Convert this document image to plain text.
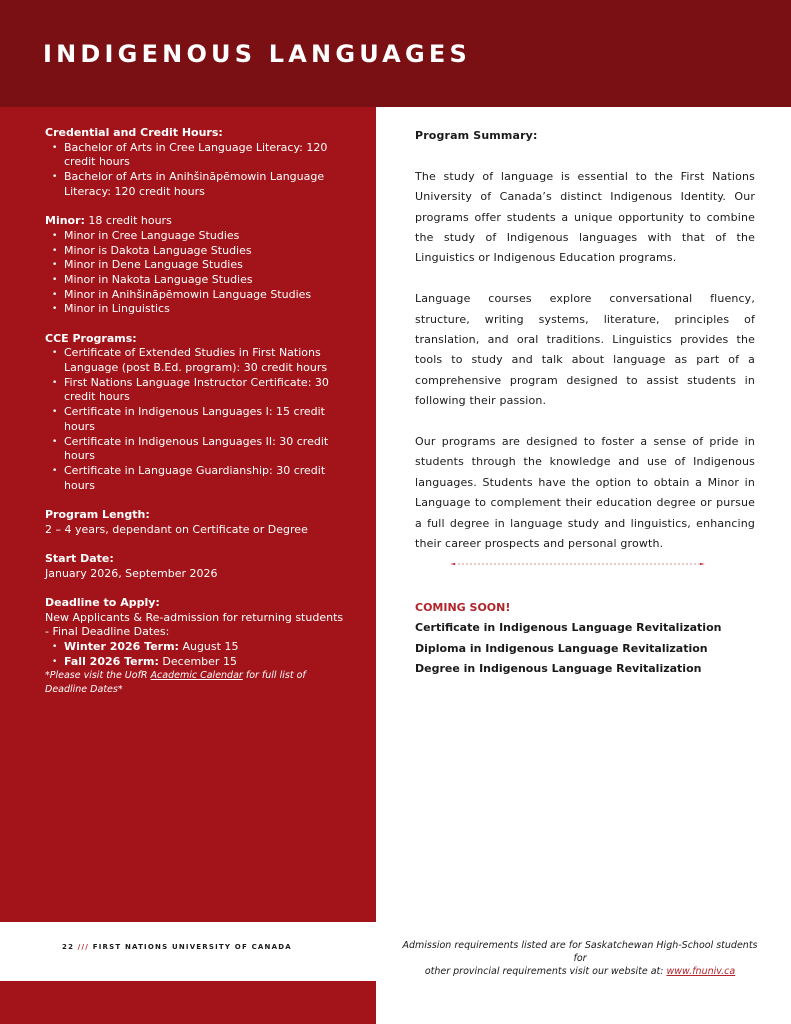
INDIGENOUS LANGUAGES
Credential and Credit Hours:
• Bachelor of Arts in Cree Language Literacy: 120 credit hours
• Bachelor of Arts in Anihšināpēmowin Language Literacy: 120 credit hours
Minor: 18 credit hours
• Minor in Cree Language Studies
• Minor is Dakota Language Studies
• Minor in Dene Language Studies
• Minor in Nakota Language Studies
• Minor in Anihšināpēmowin Language Studies
• Minor in Linguistics
CCE Programs:
• Certificate of Extended Studies in First Nations Language (post B.Ed. program): 30 credit hours
• First Nations Language Instructor Certificate: 30 credit hours
• Certificate in Indigenous Languages I: 15 credit hours
• Certificate in Indigenous Languages II: 30 credit hours
• Certificate in Language Guardianship: 30 credit hours
Program Length:
2 – 4 years, dependant on Certificate or Degree
Start Date:
January 2026, September 2026
Deadline to Apply:
New Applicants & Re-admission for returning students
- Final Deadline Dates:
• Winter 2026 Term: August 15
• Fall 2026 Term: December 15
*Please visit the UofR Academic Calendar for full list of Deadline Dates*

Program Summary:

The study of language is essential to the First Nations University of Canada’s distinct Indigenous Identity. Our programs offer students a unique opportunity to combine the study of Indigenous languages with that of the Linguistics or Indigenous Education programs.

Language courses explore conversational fluency, structure, writing systems, literature, principles of translation, and oral traditions. Linguistics provides the tools to study and talk about language as part of a comprehensive program designed to assist students in following their passion.

Our programs are designed to foster a sense of pride in students through the knowledge and use of Indigenous languages. Students have the option to obtain a Minor in Language to complement their education degree or pursue a full degree in language study and linguistics, enhancing their career prospects and personal growth.

COMING SOON!
Certificate in Indigenous Language Revitalization
Diploma in Indigenous Language Revitalization
Degree in Indigenous Language Revitalization
22 /// FIRST NATIONS UNIVERSITY OF CANADA	Admission requirements listed are for Saskatchewan High-School students for
other provincial requirements visit our website at: www.fnuniv.ca
